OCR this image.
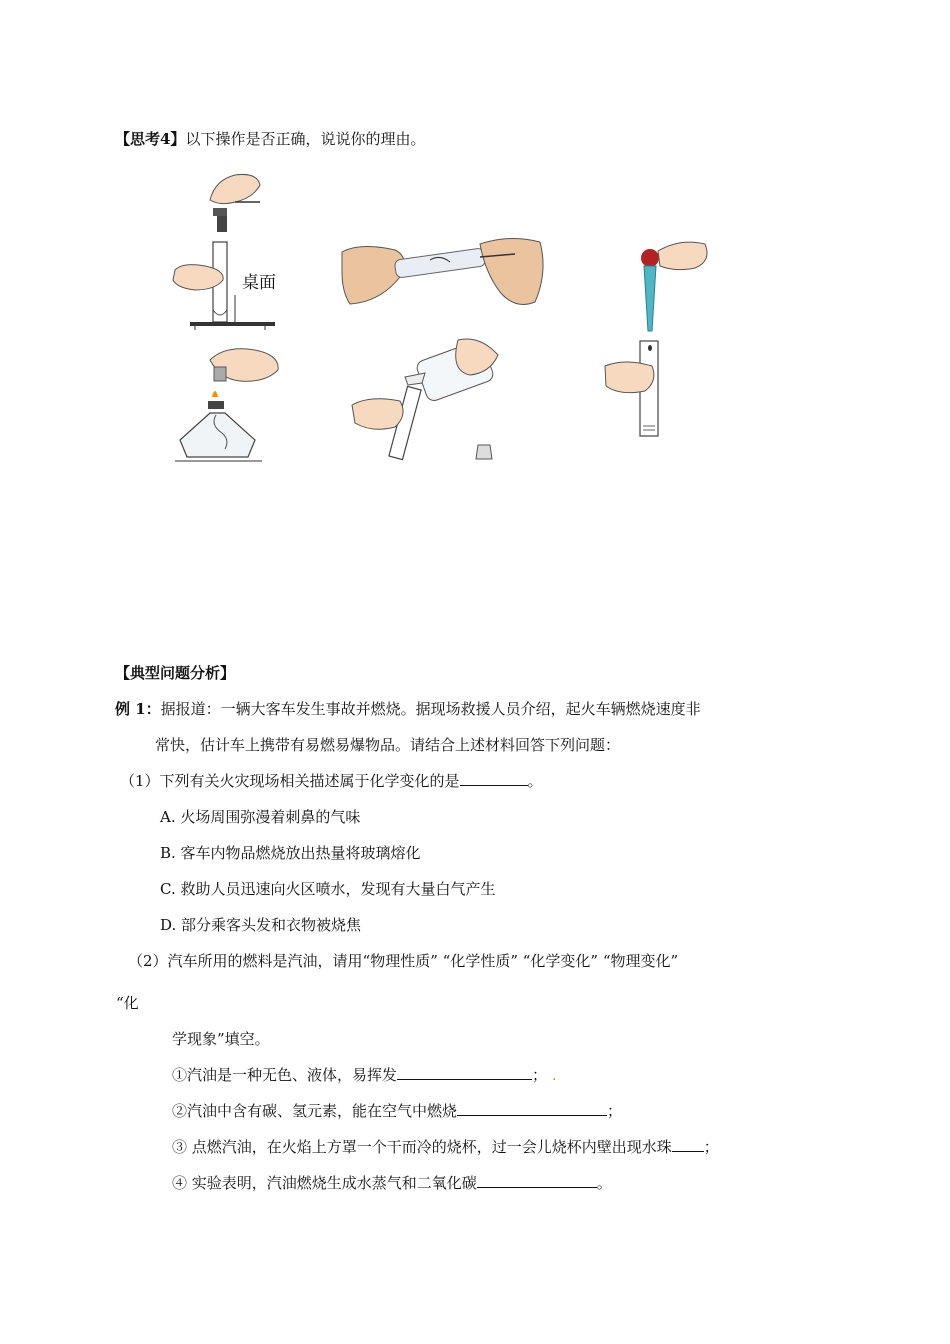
【思考4】以下操作是否正确，说说你的理由。
桌面
【典型问题分析】
例 1：据报道：一辆大客车发生事故并燃烧。据现场救援人员介绍，起火车辆燃烧速度非
常快，估计车上携带有易燃易爆物品。请结合上述材料回答下列问题：
（1）下列有关火灾现场相关描述属于化学变化的是	。
A. 火场周围弥漫着刺鼻的气味
B. 客车内物品燃烧放出热量将玻璃熔化
C. 救助人员迅速向火区喷水，发现有大量白气产生
D. 部分乘客头发和衣物被烧焦
（2）汽车所用的燃料是汽油，请用“物理性质” “化学性质” “化学变化” “物理变化”
“化
学现象”填空。
①汽油是一种无色、液体，易挥发	； .
②汽油中含有碳、氢元素，能在空气中燃烧	；
③ 点燃汽油，在火焰上方罩一个干而冷的烧杯，过一会儿烧杯内壁出现水珠 ；
④ 实验表明，汽油燃烧生成水蒸气和二氧化碳	。
